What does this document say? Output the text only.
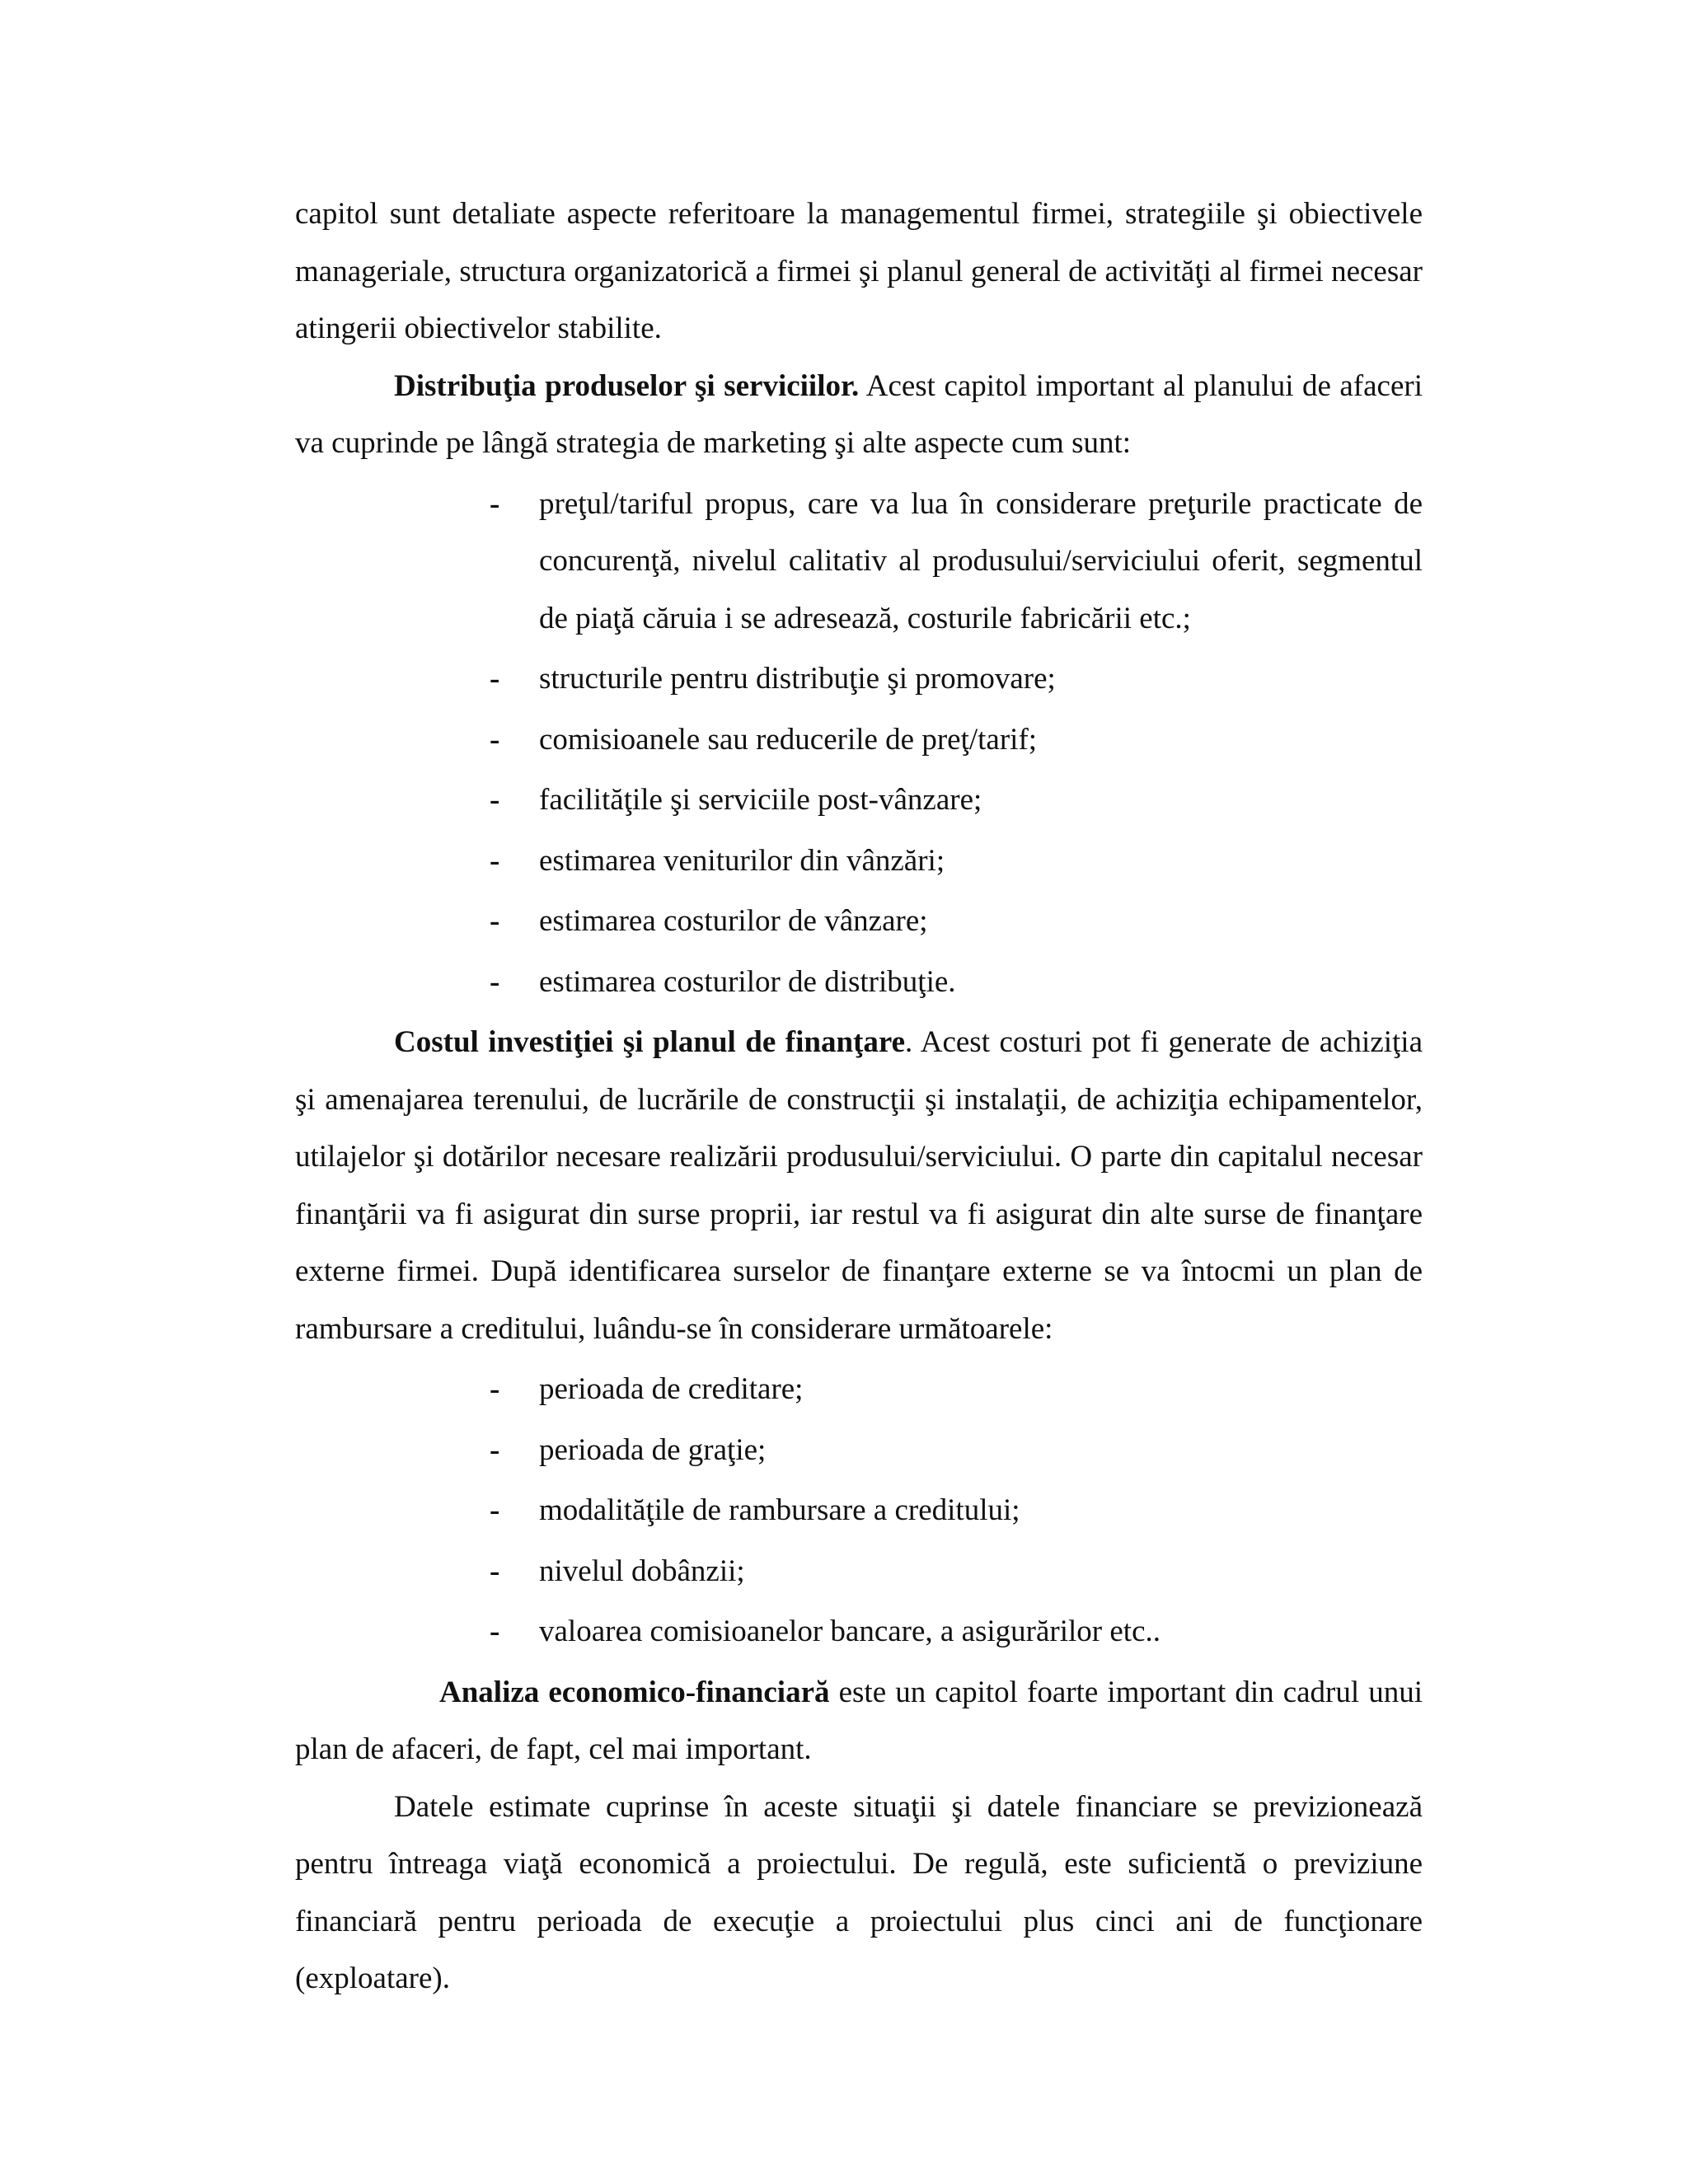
capitol sunt detaliate aspecte referitoare la managementul firmei, strategiile şi obiectivele manageriale, structura organizatorică a firmei şi planul general de activităţi al firmei necesar atingerii obiectivelor stabilite.

Distribuţia produselor şi serviciilor. Acest capitol important al planului de afaceri va cuprinde pe lângă strategia de marketing şi alte aspecte cum sunt:

- preţul/tariful propus, care va lua în considerare preţurile practicate de concurenţă, nivelul calitativ al produsului/serviciului oferit, segmentul de piaţă căruia i se adresează, costurile fabricării etc.;
- structurile pentru distribuţie şi promovare;
- comisioanele sau reducerile de preţ/tarif;
- facilităţile şi serviciile post-vânzare;
- estimarea veniturilor din vânzări;
- estimarea costurilor de vânzare;
- estimarea costurilor de distribuţie.

Costul investiţiei şi planul de finanţare. Acest costuri pot fi generate de achiziţia şi amenajarea terenului, de lucrările de construcţii şi instalaţii, de achiziţia echipamentelor, utilajelor şi dotărilor necesare realizării produsului/serviciului. O parte din capitalul necesar finanţării va fi asigurat din surse proprii, iar restul va fi asigurat din alte surse de finanţare externe firmei. După identificarea surselor de finanţare externe se va întocmi un plan de rambursare a creditului, luându-se în considerare următoarele:

- perioada de creditare;
- perioada de graţie;
- modalităţile de rambursare a creditului;
- nivelul dobânzii;
- valoarea comisioanelor bancare, a asigurărilor etc..

Analiza economico-financiară este un capitol foarte important din cadrul unui plan de afaceri, de fapt, cel mai important.

Datele estimate cuprinse în aceste situaţii şi datele financiare se previzionează pentru întreaga viaţă economică a proiectului. De regulă, este suficientă o previziune financiară pentru perioada de execuţie a proiectului plus cinci ani de funcţionare (exploatare).
